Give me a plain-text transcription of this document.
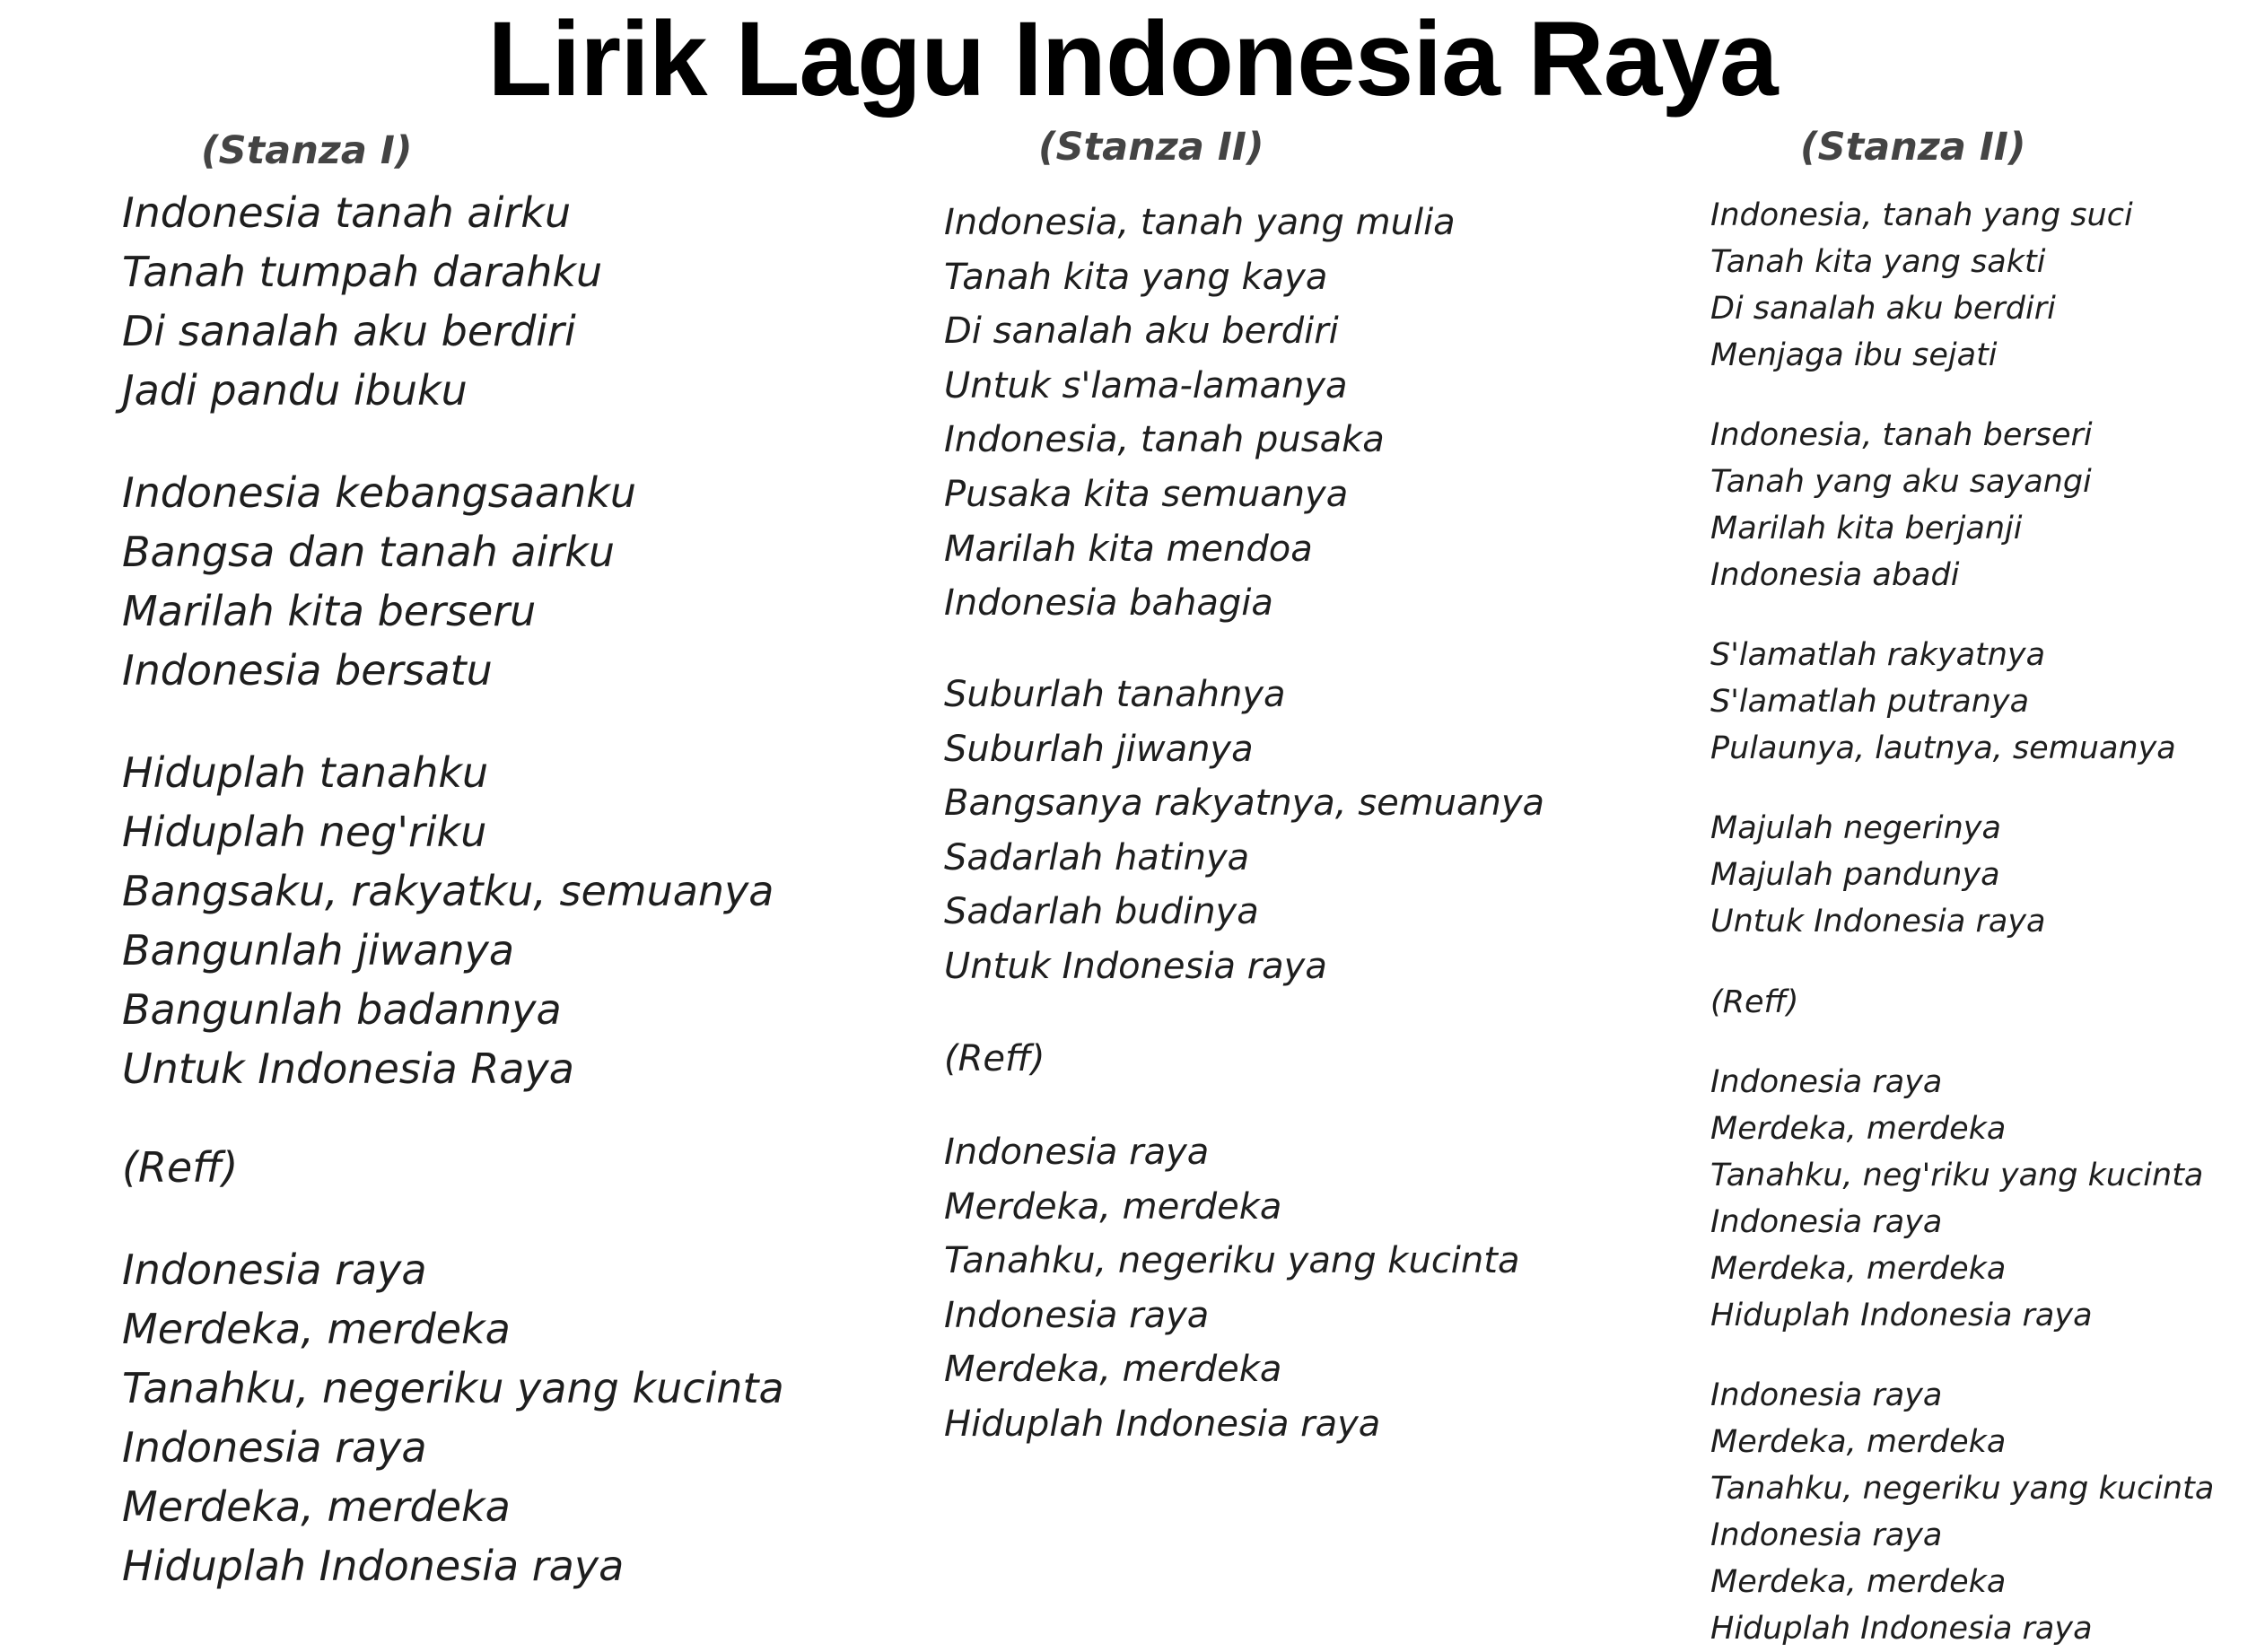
Lirik Lagu Indonesia Raya
(Stanza I)
Indonesia tanah airku
Tanah tumpah darahku
Di sanalah aku berdiri
Jadi pandu ibuku
Indonesia kebangsaanku
Bangsa dan tanah airku
Marilah kita berseru
Indonesia bersatu
Hiduplah tanahku
Hiduplah neg'riku
Bangsaku, rakyatku, semuanya
Bangunlah jiwanya
Bangunlah badannya
Untuk Indonesia Raya
(Reff)
Indonesia raya
Merdeka, merdeka
Tanahku, negeriku yang kucinta
Indonesia raya
Merdeka, merdeka
Hiduplah Indonesia raya
(Stanza II)
Indonesia, tanah yang mulia
Tanah kita yang kaya
Di sanalah aku berdiri
Untuk s'lama-lamanya
Indonesia, tanah pusaka
Pusaka kita semuanya
Marilah kita mendoa
Indonesia bahagia
Suburlah tanahnya
Suburlah jiwanya
Bangsanya rakyatnya, semuanya
Sadarlah hatinya
Sadarlah budinya
Untuk Indonesia raya
(Reff)
Indonesia raya
Merdeka, merdeka
Tanahku, negeriku yang kucinta
Indonesia raya
Merdeka, merdeka
Hiduplah Indonesia raya
(Stanza II)
Indonesia, tanah yang suci
Tanah kita yang sakti
Di sanalah aku berdiri
Menjaga ibu sejati
Indonesia, tanah berseri
Tanah yang aku sayangi
Marilah kita berjanji
Indonesia abadi
S'lamatlah rakyatnya
S'lamatlah putranya
Pulaunya, lautnya, semuanya
Majulah negerinya
Majulah pandunya
Untuk Indonesia raya
(Reff)
Indonesia raya
Merdeka, merdeka
Tanahku, neg'riku yang kucinta
Indonesia raya
Merdeka, merdeka
Hiduplah Indonesia raya
Indonesia raya
Merdeka, merdeka
Tanahku, negeriku yang kucinta
Indonesia raya
Merdeka, merdeka
Hiduplah Indonesia raya
